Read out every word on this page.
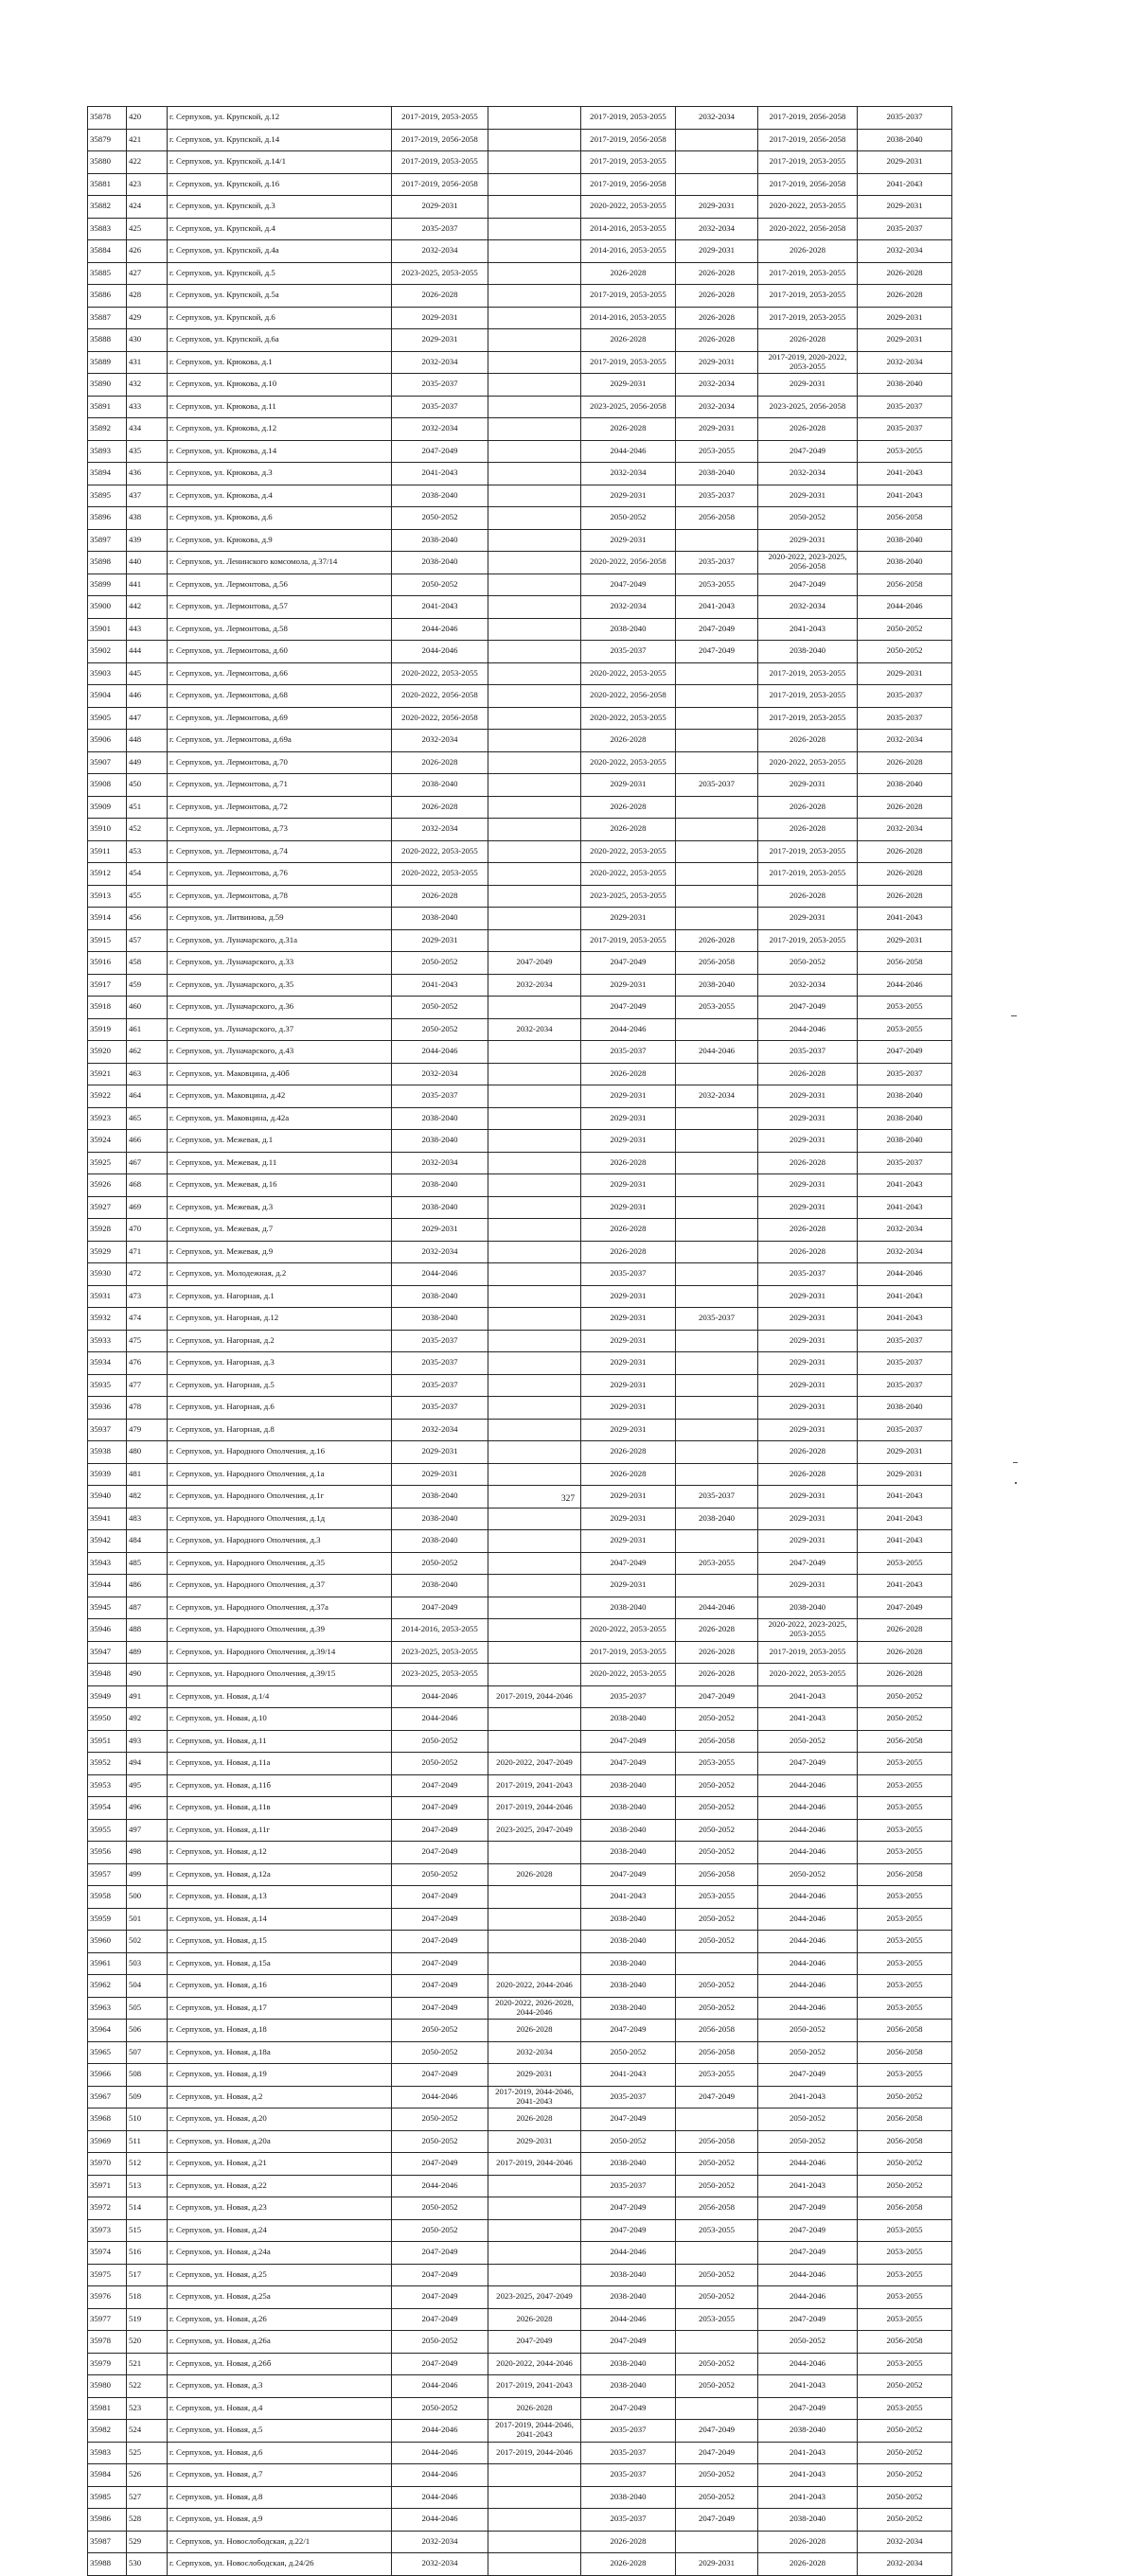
35878	420	г. Серпухов, ул. Крупской, д.12	2017-2019, 2053-2055		2017-2019, 2053-2055	2032-2034	2017-2019, 2056-2058	2035-2037
35879	421	г. Серпухов, ул. Крупской, д.14	2017-2019, 2056-2058		2017-2019, 2056-2058		2017-2019, 2056-2058	2038-2040
35880	422	г. Серпухов, ул. Крупской, д.14/1	2017-2019, 2053-2055		2017-2019, 2053-2055		2017-2019, 2053-2055	2029-2031
35881	423	г. Серпухов, ул. Крупской, д.16	2017-2019, 2056-2058		2017-2019, 2056-2058		2017-2019, 2056-2058	2041-2043
35882	424	г. Серпухов, ул. Крупской, д.3	2029-2031		2020-2022, 2053-2055	2029-2031	2020-2022, 2053-2055	2029-2031
35883	425	г. Серпухов, ул. Крупской, д.4	2035-2037		2014-2016, 2053-2055	2032-2034	2020-2022, 2056-2058	2035-2037
35884	426	г. Серпухов, ул. Крупской, д.4а	2032-2034		2014-2016, 2053-2055	2029-2031	2026-2028	2032-2034
35885	427	г. Серпухов, ул. Крупской, д.5	2023-2025, 2053-2055		2026-2028	2026-2028	2017-2019, 2053-2055	2026-2028
35886	428	г. Серпухов, ул. Крупской, д.5а	2026-2028		2017-2019, 2053-2055	2026-2028	2017-2019, 2053-2055	2026-2028
35887	429	г. Серпухов, ул. Крупской, д.6	2029-2031		2014-2016, 2053-2055	2026-2028	2017-2019, 2053-2055	2029-2031
35888	430	г. Серпухов, ул. Крупской, д.6а	2029-2031		2026-2028	2026-2028	2026-2028	2029-2031
35889	431	г. Серпухов, ул. Крюкова, д.1	2032-2034		2017-2019, 2053-2055	2029-2031	2017-2019, 2020-2022, 2053-2055	2032-2034
35890	432	г. Серпухов, ул. Крюкова, д.10	2035-2037		2029-2031	2032-2034	2029-2031	2038-2040
35891	433	г. Серпухов, ул. Крюкова, д.11	2035-2037		2023-2025, 2056-2058	2032-2034	2023-2025, 2056-2058	2035-2037
35892	434	г. Серпухов, ул. Крюкова, д.12	2032-2034		2026-2028	2029-2031	2026-2028	2035-2037
35893	435	г. Серпухов, ул. Крюкова, д.14	2047-2049		2044-2046	2053-2055	2047-2049	2053-2055
35894	436	г. Серпухов, ул. Крюкова, д.3	2041-2043		2032-2034	2038-2040	2032-2034	2041-2043
35895	437	г. Серпухов, ул. Крюкова, д.4	2038-2040		2029-2031	2035-2037	2029-2031	2041-2043
35896	438	г. Серпухов, ул. Крюкова, д.6	2050-2052		2050-2052	2056-2058	2050-2052	2056-2058
35897	439	г. Серпухов, ул. Крюкова, д.9	2038-2040		2029-2031		2029-2031	2038-2040
35898	440	г. Серпухов, ул. Ленинского комсомола, д.37/14	2038-2040		2020-2022, 2056-2058	2035-2037	2020-2022, 2023-2025, 2056-2058	2038-2040
35899	441	г. Серпухов, ул. Лермонтова, д.56	2050-2052		2047-2049	2053-2055	2047-2049	2056-2058
35900	442	г. Серпухов, ул. Лермонтова, д.57	2041-2043		2032-2034	2041-2043	2032-2034	2044-2046
35901	443	г. Серпухов, ул. Лермонтова, д.58	2044-2046		2038-2040	2047-2049	2041-2043	2050-2052
35902	444	г. Серпухов, ул. Лермонтова, д.60	2044-2046		2035-2037	2047-2049	2038-2040	2050-2052
35903	445	г. Серпухов, ул. Лермонтова, д.66	2020-2022, 2053-2055		2020-2022, 2053-2055		2017-2019, 2053-2055	2029-2031
35904	446	г. Серпухов, ул. Лермонтова, д.68	2020-2022, 2056-2058		2020-2022, 2056-2058		2017-2019, 2053-2055	2035-2037
35905	447	г. Серпухов, ул. Лермонтова, д.69	2020-2022, 2056-2058		2020-2022, 2053-2055		2017-2019, 2053-2055	2035-2037
35906	448	г. Серпухов, ул. Лермонтова, д.69а	2032-2034		2026-2028		2026-2028	2032-2034
35907	449	г. Серпухов, ул. Лермонтова, д.70	2026-2028		2020-2022, 2053-2055		2020-2022, 2053-2055	2026-2028
35908	450	г. Серпухов, ул. Лермонтова, д.71	2038-2040		2029-2031	2035-2037	2029-2031	2038-2040
35909	451	г. Серпухов, ул. Лермонтова, д.72	2026-2028		2026-2028		2026-2028	2026-2028
35910	452	г. Серпухов, ул. Лермонтова, д.73	2032-2034		2026-2028		2026-2028	2032-2034
35911	453	г. Серпухов, ул. Лермонтова, д.74	2020-2022, 2053-2055		2020-2022, 2053-2055		2017-2019, 2053-2055	2026-2028
35912	454	г. Серпухов, ул. Лермонтова, д.76	2020-2022, 2053-2055		2020-2022, 2053-2055		2017-2019, 2053-2055	2026-2028
35913	455	г. Серпухов, ул. Лермонтова, д.78	2026-2028		2023-2025, 2053-2055		2026-2028	2026-2028
35914	456	г. Серпухов, ул. Литвинова, д.59	2038-2040		2029-2031		2029-2031	2041-2043
35915	457	г. Серпухов, ул. Луначарского, д.31а	2029-2031		2017-2019, 2053-2055	2026-2028	2017-2019, 2053-2055	2029-2031
35916	458	г. Серпухов, ул. Луначарского, д.33	2050-2052	2047-2049	2047-2049	2056-2058	2050-2052	2056-2058
35917	459	г. Серпухов, ул. Луначарского, д.35	2041-2043	2032-2034	2029-2031	2038-2040	2032-2034	2044-2046
35918	460	г. Серпухов, ул. Луначарского, д.36	2050-2052		2047-2049	2053-2055	2047-2049	2053-2055
35919	461	г. Серпухов, ул. Луначарского, д.37	2050-2052	2032-2034	2044-2046		2044-2046	2053-2055
35920	462	г. Серпухов, ул. Луначарского, д.43	2044-2046		2035-2037	2044-2046	2035-2037	2047-2049
35921	463	г. Серпухов, ул. Маковцина, д.40б	2032-2034		2026-2028		2026-2028	2035-2037
35922	464	г. Серпухов, ул. Маковцина, д.42	2035-2037		2029-2031	2032-2034	2029-2031	2038-2040
35923	465	г. Серпухов, ул. Маковцина, д.42а	2038-2040		2029-2031		2029-2031	2038-2040
35924	466	г. Серпухов, ул. Межевая, д.1	2038-2040		2029-2031		2029-2031	2038-2040
35925	467	г. Серпухов, ул. Межевая, д.11	2032-2034		2026-2028		2026-2028	2035-2037
35926	468	г. Серпухов, ул. Межевая, д.16	2038-2040		2029-2031		2029-2031	2041-2043
35927	469	г. Серпухов, ул. Межевая, д.3	2038-2040		2029-2031		2029-2031	2041-2043
35928	470	г. Серпухов, ул. Межевая, д.7	2029-2031		2026-2028		2026-2028	2032-2034
35929	471	г. Серпухов, ул. Межевая, д.9	2032-2034		2026-2028		2026-2028	2032-2034
35930	472	г. Серпухов, ул. Молодежная, д.2	2044-2046		2035-2037		2035-2037	2044-2046
35931	473	г. Серпухов, ул. Нагорная, д.1	2038-2040		2029-2031		2029-2031	2041-2043
35932	474	г. Серпухов, ул. Нагорная, д.12	2038-2040		2029-2031	2035-2037	2029-2031	2041-2043
35933	475	г. Серпухов, ул. Нагорная, д.2	2035-2037		2029-2031		2029-2031	2035-2037
35934	476	г. Серпухов, ул. Нагорная, д.3	2035-2037		2029-2031		2029-2031	2035-2037
35935	477	г. Серпухов, ул. Нагорная, д.5	2035-2037		2029-2031		2029-2031	2035-2037
35936	478	г. Серпухов, ул. Нагорная, д.6	2035-2037		2029-2031		2029-2031	2038-2040
35937	479	г. Серпухов, ул. Нагорная, д.8	2032-2034		2029-2031		2029-2031	2035-2037
35938	480	г. Серпухов, ул. Народного Ополчения, д.16	2029-2031		2026-2028		2026-2028	2029-2031
35939	481	г. Серпухов, ул. Народного Ополчения, д.1а	2029-2031		2026-2028		2026-2028	2029-2031
35940	482	г. Серпухов, ул. Народного Ополчения, д.1г	2038-2040		2029-2031	2035-2037	2029-2031	2041-2043
35941	483	г. Серпухов, ул. Народного Ополчения, д.1д	2038-2040		2029-2031	2038-2040	2029-2031	2041-2043
35942	484	г. Серпухов, ул. Народного Ополчения, д.3	2038-2040		2029-2031		2029-2031	2041-2043
35943	485	г. Серпухов, ул. Народного Ополчения, д.35	2050-2052		2047-2049	2053-2055	2047-2049	2053-2055
35944	486	г. Серпухов, ул. Народного Ополчения, д.37	2038-2040		2029-2031		2029-2031	2041-2043
35945	487	г. Серпухов, ул. Народного Ополчения, д.37а	2047-2049		2038-2040	2044-2046	2038-2040	2047-2049
35946	488	г. Серпухов, ул. Народного Ополчения, д.39	2014-2016, 2053-2055		2020-2022, 2053-2055	2026-2028	2020-2022, 2023-2025, 2053-2055	2026-2028
35947	489	г. Серпухов, ул. Народного Ополчения, д.39/14	2023-2025, 2053-2055		2017-2019, 2053-2055	2026-2028	2017-2019, 2053-2055	2026-2028
35948	490	г. Серпухов, ул. Народного Ополчения, д.39/15	2023-2025, 2053-2055		2020-2022, 2053-2055	2026-2028	2020-2022, 2053-2055	2026-2028
35949	491	г. Серпухов, ул. Новая, д.1/4	2044-2046	2017-2019, 2044-2046	2035-2037	2047-2049	2041-2043	2050-2052
35950	492	г. Серпухов, ул. Новая, д.10	2044-2046		2038-2040	2050-2052	2041-2043	2050-2052
35951	493	г. Серпухов, ул. Новая, д.11	2050-2052		2047-2049	2056-2058	2050-2052	2056-2058
35952	494	г. Серпухов, ул. Новая, д.11а	2050-2052	2020-2022, 2047-2049	2047-2049	2053-2055	2047-2049	2053-2055
35953	495	г. Серпухов, ул. Новая, д.11б	2047-2049	2017-2019, 2041-2043	2038-2040	2050-2052	2044-2046	2053-2055
35954	496	г. Серпухов, ул. Новая, д.11в	2047-2049	2017-2019, 2044-2046	2038-2040	2050-2052	2044-2046	2053-2055
35955	497	г. Серпухов, ул. Новая, д.11г	2047-2049	2023-2025, 2047-2049	2038-2040	2050-2052	2044-2046	2053-2055
35956	498	г. Серпухов, ул. Новая, д.12	2047-2049		2038-2040	2050-2052	2044-2046	2053-2055
35957	499	г. Серпухов, ул. Новая, д.12а	2050-2052	2026-2028	2047-2049	2056-2058	2050-2052	2056-2058
35958	500	г. Серпухов, ул. Новая, д.13	2047-2049		2041-2043	2053-2055	2044-2046	2053-2055
35959	501	г. Серпухов, ул. Новая, д.14	2047-2049		2038-2040	2050-2052	2044-2046	2053-2055
35960	502	г. Серпухов, ул. Новая, д.15	2047-2049		2038-2040	2050-2052	2044-2046	2053-2055
35961	503	г. Серпухов, ул. Новая, д.15а	2047-2049		2038-2040		2044-2046	2053-2055
35962	504	г. Серпухов, ул. Новая, д.16	2047-2049	2020-2022, 2044-2046	2038-2040	2050-2052	2044-2046	2053-2055
35963	505	г. Серпухов, ул. Новая, д.17	2047-2049	2020-2022, 2026-2028, 2044-2046	2038-2040	2050-2052	2044-2046	2053-2055
35964	506	г. Серпухов, ул. Новая, д.18	2050-2052	2026-2028	2047-2049	2056-2058	2050-2052	2056-2058
35965	507	г. Серпухов, ул. Новая, д.18а	2050-2052	2032-2034	2050-2052	2056-2058	2050-2052	2056-2058
35966	508	г. Серпухов, ул. Новая, д.19	2047-2049	2029-2031	2041-2043	2053-2055	2047-2049	2053-2055
35967	509	г. Серпухов, ул. Новая, д.2	2044-2046	2017-2019, 2044-2046, 2041-2043	2035-2037	2047-2049	2041-2043	2050-2052
35968	510	г. Серпухов, ул. Новая, д.20	2050-2052	2026-2028	2047-2049		2050-2052	2056-2058
35969	511	г. Серпухов, ул. Новая, д.20а	2050-2052	2029-2031	2050-2052	2056-2058	2050-2052	2056-2058
35970	512	г. Серпухов, ул. Новая, д.21	2047-2049	2017-2019, 2044-2046	2038-2040	2050-2052	2044-2046	2050-2052
35971	513	г. Серпухов, ул. Новая, д.22	2044-2046		2035-2037	2050-2052	2041-2043	2050-2052
35972	514	г. Серпухов, ул. Новая, д.23	2050-2052		2047-2049	2056-2058	2047-2049	2056-2058
35973	515	г. Серпухов, ул. Новая, д.24	2050-2052		2047-2049	2053-2055	2047-2049	2053-2055
35974	516	г. Серпухов, ул. Новая, д.24а	2047-2049		2044-2046		2047-2049	2053-2055
35975	517	г. Серпухов, ул. Новая, д.25	2047-2049		2038-2040	2050-2052	2044-2046	2053-2055
35976	518	г. Серпухов, ул. Новая, д.25а	2047-2049	2023-2025, 2047-2049	2038-2040	2050-2052	2044-2046	2053-2055
35977	519	г. Серпухов, ул. Новая, д.26	2047-2049	2026-2028	2044-2046	2053-2055	2047-2049	2053-2055
35978	520	г. Серпухов, ул. Новая, д.26а	2050-2052	2047-2049	2047-2049		2050-2052	2056-2058
35979	521	г. Серпухов, ул. Новая, д.26б	2047-2049	2020-2022, 2044-2046	2038-2040	2050-2052	2044-2046	2053-2055
35980	522	г. Серпухов, ул. Новая, д.3	2044-2046	2017-2019, 2041-2043	2038-2040	2050-2052	2041-2043	2050-2052
35981	523	г. Серпухов, ул. Новая, д.4	2050-2052	2026-2028	2047-2049		2047-2049	2053-2055
35982	524	г. Серпухов, ул. Новая, д.5	2044-2046	2017-2019, 2044-2046, 2041-2043	2035-2037	2047-2049	2038-2040	2050-2052
35983	525	г. Серпухов, ул. Новая, д.6	2044-2046	2017-2019, 2044-2046	2035-2037	2047-2049	2041-2043	2050-2052
35984	526	г. Серпухов, ул. Новая, д.7	2044-2046		2035-2037	2050-2052	2041-2043	2050-2052
35985	527	г. Серпухов, ул. Новая, д.8	2044-2046		2038-2040	2050-2052	2041-2043	2050-2052
35986	528	г. Серпухов, ул. Новая, д.9	2044-2046		2035-2037	2047-2049	2038-2040	2050-2052
35987	529	г. Серпухов, ул. Новослободская, д.22/1	2032-2034		2026-2028		2026-2028	2032-2034
35988	530	г. Серпухов, ул. Новослободская, д.24/26	2032-2034		2026-2028	2029-2031	2026-2028	2032-2034
327
